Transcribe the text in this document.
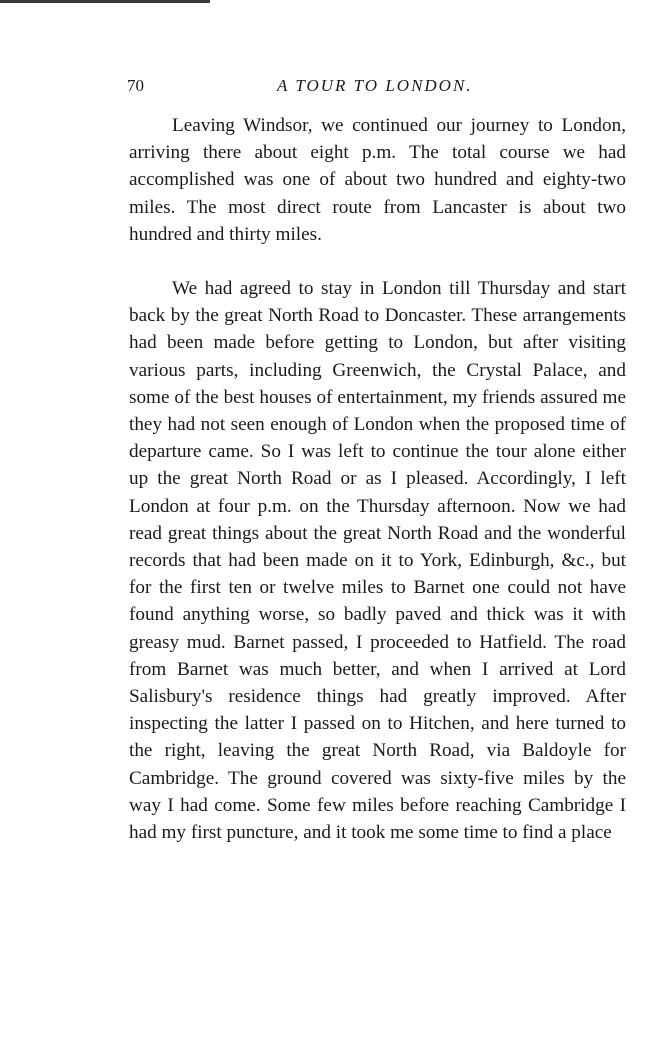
70	A TOUR TO LONDON.

Leaving Windsor, we continued our journey to London, arriving there about eight p.m. The total course we had accomplished was one of about two hundred and eighty-two miles. The most direct route from Lancaster is about two hundred and thirty miles.

We had agreed to stay in London till Thursday and start back by the great North Road to Doncaster. These arrangements had been made before getting to London, but after visiting various parts, including Greenwich, the Crystal Palace, and some of the best houses of entertainment, my friends assured me they had not seen enough of London when the proposed time of departure came. So I was left to continue the tour alone either up the great North Road or as I pleased. Accordingly, I left London at four p.m. on the Thursday afternoon. Now we had read great things about the great North Road and the wonderful records that had been made on it to York, Edinburgh, &c., but for the first ten or twelve miles to Barnet one could not have found anything worse, so badly paved and thick was it with greasy mud. Barnet passed, I proceeded to Hatfield. The road from Barnet was much better, and when I arrived at Lord Salisbury's residence things had greatly improved. After inspecting the latter I passed on to Hitchen, and here turned to the right, leaving the great North Road, via Baldoyle for Cambridge. The ground covered was sixty-five miles by the way I had come. Some few miles before reaching Cambridge I had my first puncture, and it took me some time to find a place
